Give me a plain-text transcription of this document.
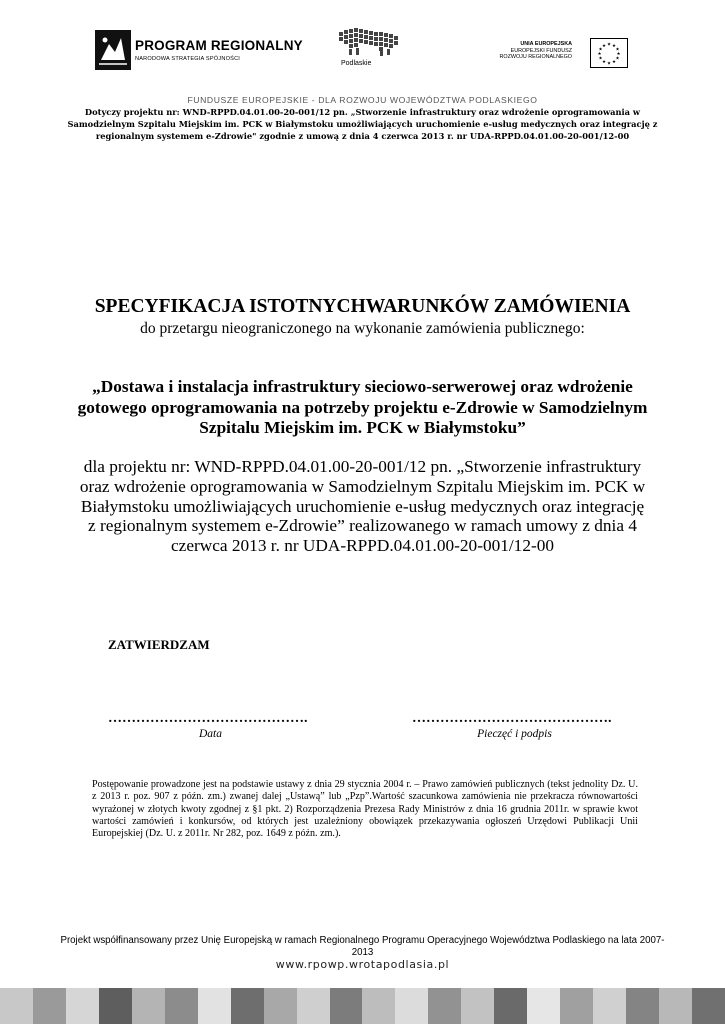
PROGRAM REGIONALNY
NARODOWA STRATEGIA SPÓJNOŚCI
Podlaskie
UNIA EUROPEJSKA
EUROPEJSKI FUNDUSZ
ROZWOJU REGIONALNEGO
★ ★
★
★
★
★
★
★
★
★
★
★
FUNDUSZE EUROPEJSKIE - DLA ROZWOJU WOJEWÓDZTWA PODLASKIEGO
Dotyczy projektu nr: WND-RPPD.04.01.00-20-001/12 pn. „Stworzenie infrastruktury oraz wdrożenie oprogramowania w Samodzielnym Szpitalu Miejskim im. PCK w Białymstoku umożliwiających uruchomienie e-usług medycznych oraz integrację z regionalnym systemem e-Zdrowie" zgodnie z umową z dnia 4 czerwca 2013 r. nr UDA-RPPD.04.01.00-20-001/12-00
SPECYFIKACJA ISTOTNYCHWARUNKÓW ZAMÓWIENIA
do przetargu nieograniczonego na wykonanie zamówienia publicznego:
„Dostawa i instalacja infrastruktury sieciowo-serwerowej oraz wdrożenie gotowego oprogramowania na potrzeby projektu e-Zdrowie w Samodzielnym Szpitalu Miejskim im. PCK w Białymstoku”
dla projektu nr: WND-RPPD.04.01.00-20-001/12 pn. „Stworzenie infrastruktury oraz wdrożenie oprogramowania w Samodzielnym Szpitalu Miejskim im. PCK w Białymstoku umożliwiających uruchomienie e-usług medycznych oraz integrację z regionalnym systemem e-Zdrowie” realizowanego w ramach umowy z dnia 4 czerwca 2013 r. nr UDA-RPPD.04.01.00-20-001/12-00
ZATWIERDZAM
…………………………………….	…………………………………….
Data	Pieczęć i podpis
Postępowanie prowadzone jest na podstawie ustawy z dnia 29 stycznia 2004 r. – Prawo zamówień publicznych (tekst jednolity Dz. U. z 2013 r. poz. 907 z późn. zm.) zwanej dalej „Ustawą” lub „Pzp”.Wartość szacunkowa zamówienia nie przekracza równowartości wyrażonej w złotych kwoty zgodnej z §1 pkt. 2) Rozporządzenia Prezesa Rady Ministrów z dnia 16 grudnia 2011r. w sprawie kwot wartości zamówień i konkursów, od których jest uzależniony obowiązek przekazywania ogłoszeń Urzędowi Publikacji Unii Europejskiej (Dz. U. z 2011r. Nr 282, poz. 1649 z późn. zm.).
Projekt współfinansowany przez Unię Europejską w ramach Regionalnego Programu Operacyjnego Województwa Podlaskiego na lata 2007-2013
www.rpowp.wrotapodlasia.pl
